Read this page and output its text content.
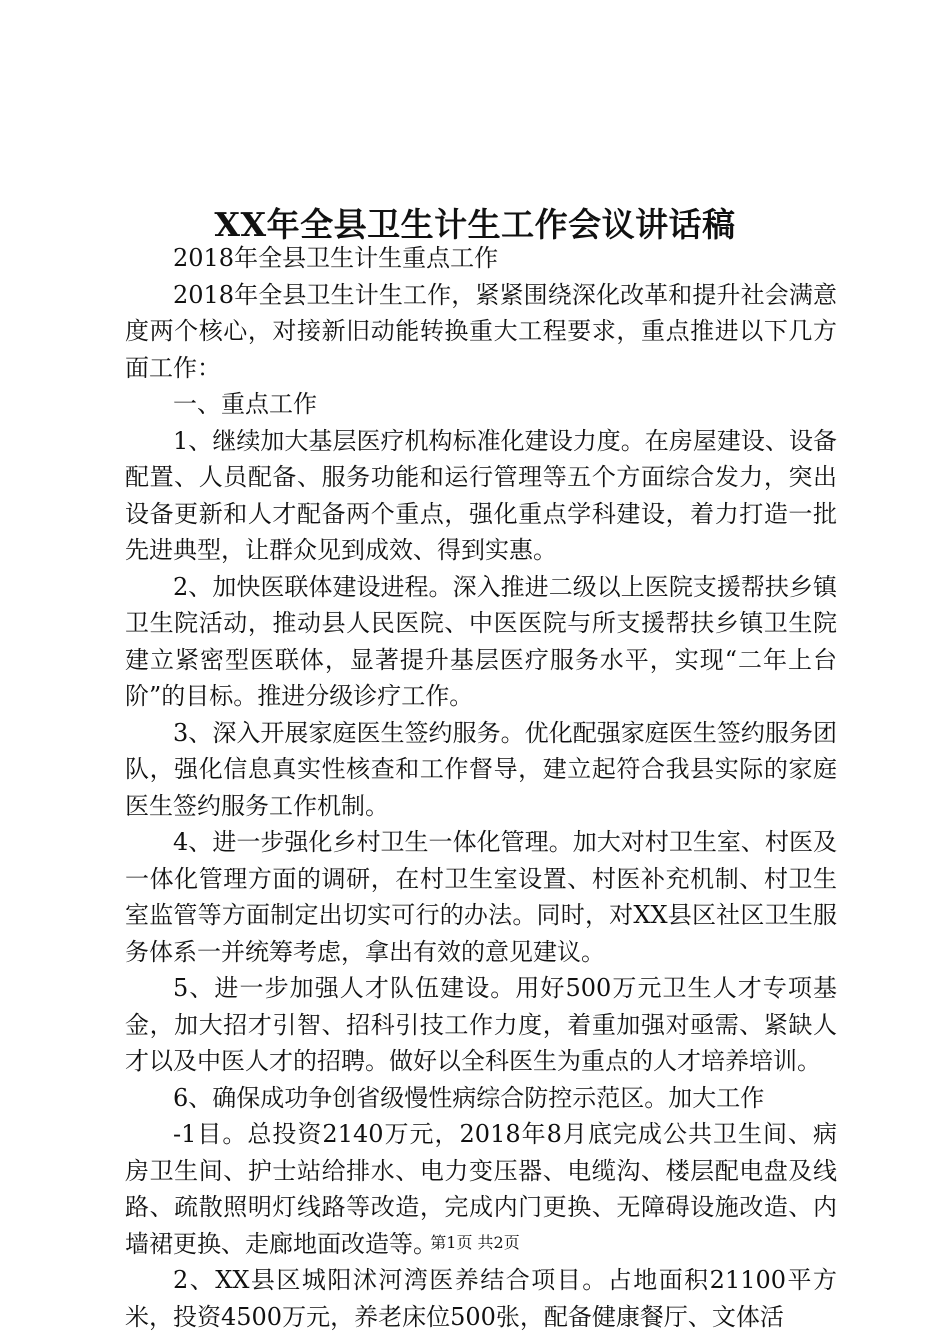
XX年全县卫生计生工作会议讲话稿

2018年全县卫生计生重点工作

2018年全县卫生计生工作，紧紧围绕深化改革和提升社会满意度两个核心，对接新旧动能转换重大工程要求，重点推进以下几方面工作：

一、重点工作

1、继续加大基层医疗机构标准化建设力度。在房屋建设、设备配置、人员配备、服务功能和运行管理等五个方面综合发力，突出设备更新和人才配备两个重点，强化重点学科建设，着力打造一批先进典型，让群众见到成效、得到实惠。

2、加快医联体建设进程。深入推进二级以上医院支援帮扶乡镇卫生院活动，推动县人民医院、中医医院与所支援帮扶乡镇卫生院建立紧密型医联体，显著提升基层医疗服务水平，实现“二年上台阶”的目标。推进分级诊疗工作。

3、深入开展家庭医生签约服务。优化配强家庭医生签约服务团队，强化信息真实性核查和工作督导，建立起符合我县实际的家庭医生签约服务工作机制。

4、进一步强化乡村卫生一体化管理。加大对村卫生室、村医及一体化管理方面的调研，在村卫生室设置、村医补充机制、村卫生室监管等方面制定出切实可行的办法。同时，对XX县区社区卫生服务体系一并统筹考虑，拿出有效的意见建议。

5、进一步加强人才队伍建设。用好500万元卫生人才专项基金，加大招才引智、招科引技工作力度，着重加强对亟需、紧缺人才以及中医人才的招聘。做好以全科医生为重点的人才培养培训。

6、确保成功争创省级慢性病综合防控示范区。加大工作

-1目。总投资2140万元，2018年8月底完成公共卫生间、病房卫生间、护士站给排水、电力变压器、电缆沟、楼层配电盘及线路、疏散照明灯线路等改造，完成内门更换、无障碍设施改造、内墙裙更换、走廊地面改造等。

2、XX县区城阳沭河湾医养结合项目。占地面积21100平方米，投资4500万元，养老床位500张，配备健康餐厅、文体活

第1页 共2页
